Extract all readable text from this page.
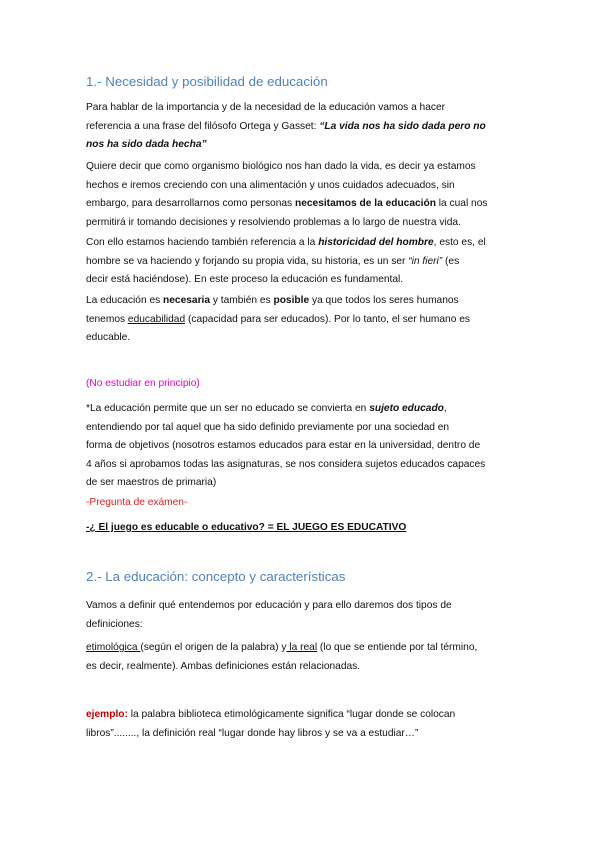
1.- Necesidad y posibilidad de educación

Para hablar de la importancia y de la necesidad de la educación vamos a hacer
referencia a una frase del filósofo Ortega y Gasset: “La vida nos ha sido dada pero no
nos ha sido dada hecha”

Quiere decir que como organismo biológico nos han dado la vida, es decir ya estamos
hechos e iremos creciendo con una alimentación y unos cuidados adecuados, sin
embargo, para desarrollarnos como personas necesitamos de la educación la cual nos
permitirá ir tomando decisiones y resolviendo problemas a lo largo de nuestra vida.

Con ello estamos haciendo también referencia a la historicidad del hombre, esto es, el
hombre se va haciendo y forjando su propia vida, su historia, es un ser “in fieri” (es
decir está haciéndose). En este proceso la educación es fundamental.

La educación es necesaria y también es posible ya que todos los seres humanos
tenemos educabilidad (capacidad para ser educados). Por lo tanto, el ser humano es
educable.

(No estudiar en principio)

*La educación permite que un ser no educado se convierta en sujeto educado,
entendiendo por tal aquel que ha sido definido previamente por una sociedad en
forma de objetivos (nosotros estamos educados para estar en la universidad, dentro de
4 años si aprobamos todas las asignaturas, se nos considera sujetos educados capaces
de ser maestros de primaria)

-Pregunta de exámen-

-¿ El juego es educable o educativo? = EL JUEGO ES EDUCATIVO

2.- La educación: concepto y características

Vamos a definir qué entendemos por educación y para ello daremos dos tipos de
definiciones:

etimológica (según el origen de la palabra) y la real (lo que se entiende por tal término,
es decir, realmente). Ambas definiciones están relacionadas.

ejemplo: la palabra biblioteca etimológicamente significa “lugar donde se colocan
libros”........, la definición real “lugar donde hay libros y se va a estudiar…”
